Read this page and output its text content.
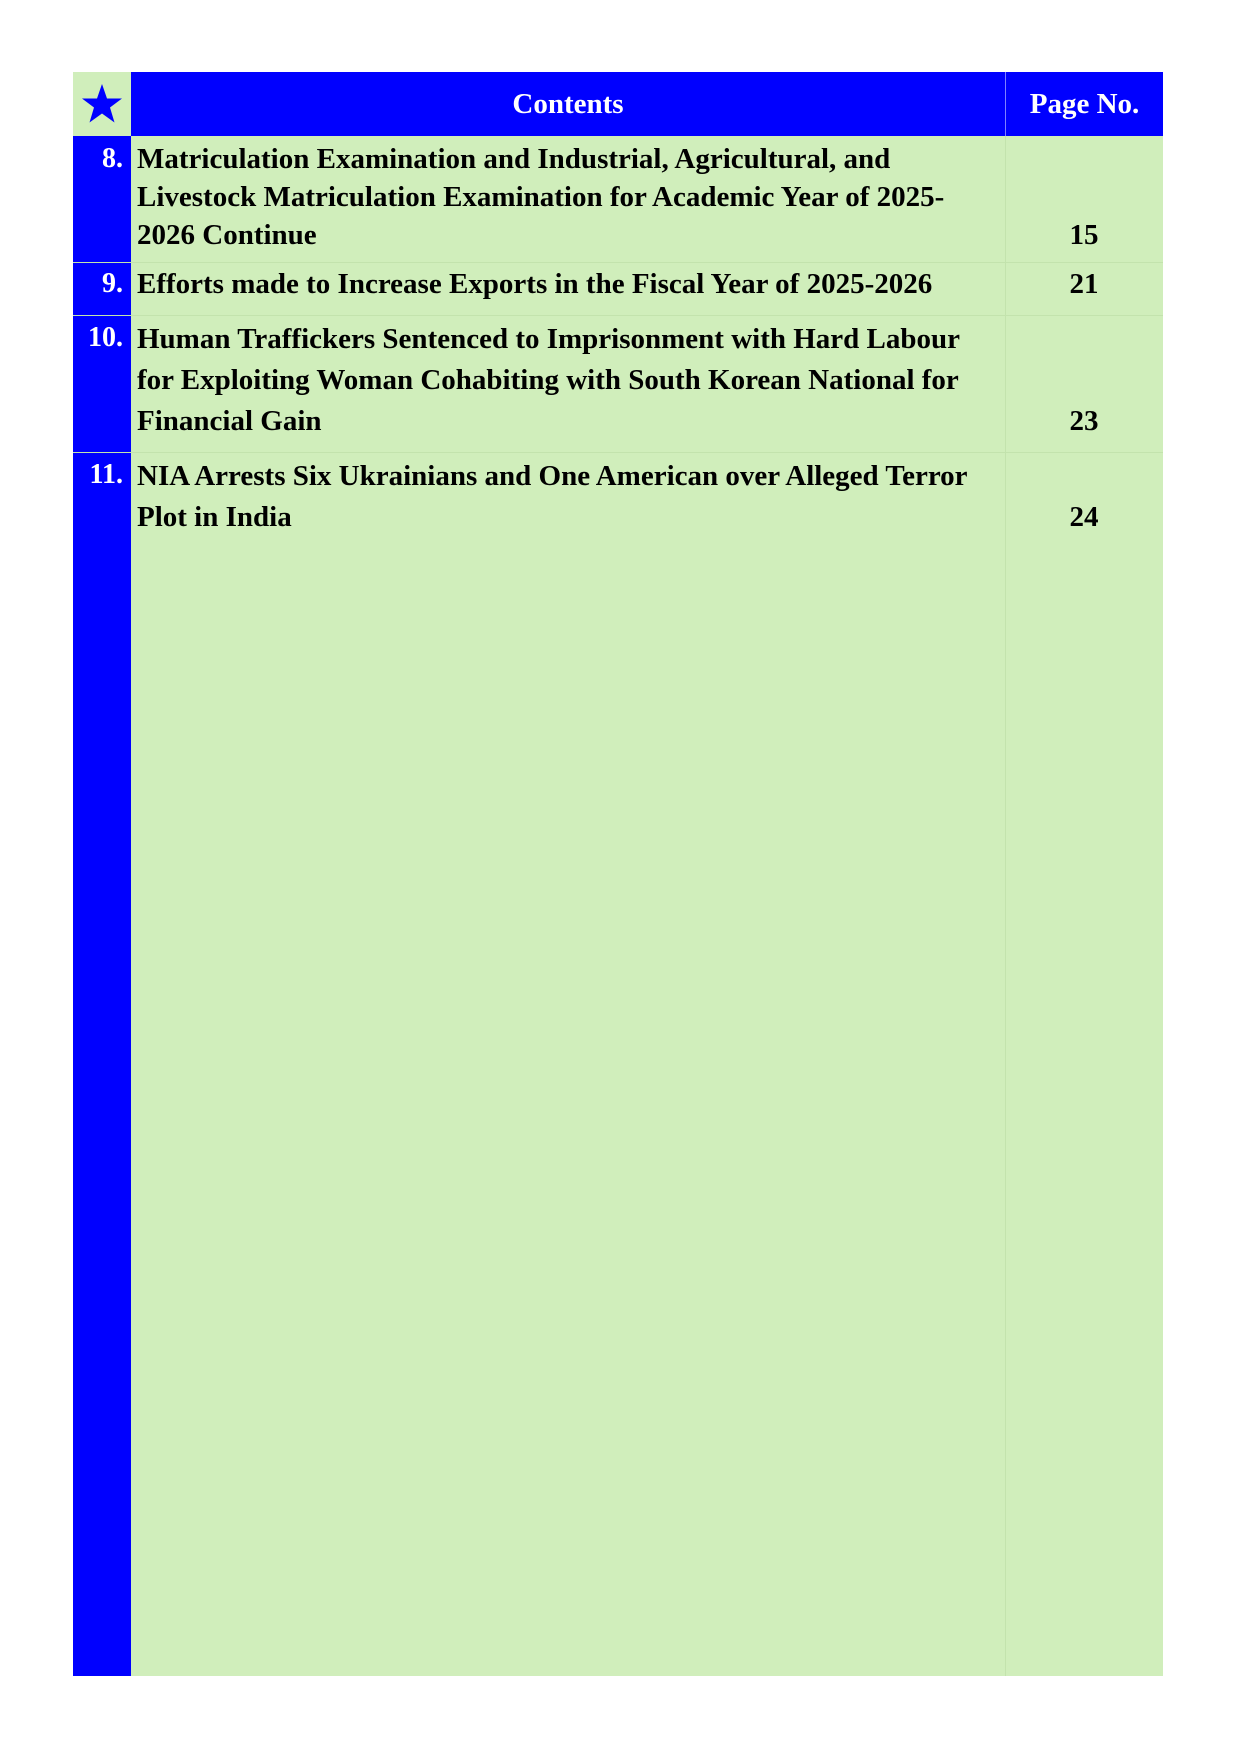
Contents	Page No.
8. Matriculation Examination and Industrial, Agricultural, and Livestock Matriculation Examination for Academic Year of 2025-2026 Continue	15
9. Efforts made to Increase Exports in the Fiscal Year of 2025-2026	21
10. Human Traffickers Sentenced to Imprisonment with Hard Labour for Exploiting Woman Cohabiting with South Korean National for Financial Gain	23
11. NIA Arrests Six Ukrainians and One American over Alleged Terror Plot in India	24
